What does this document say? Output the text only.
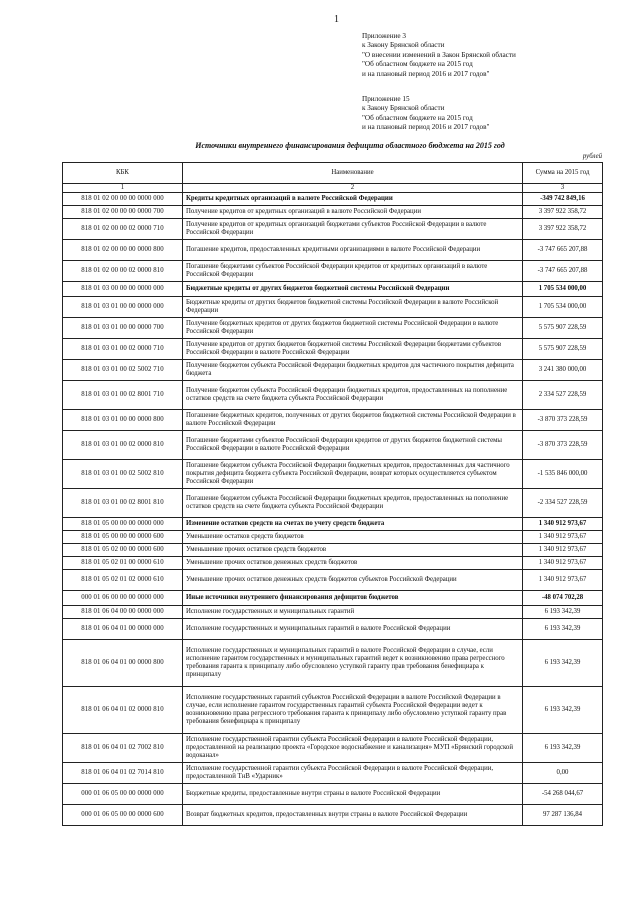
1
Приложение 3
к Закону Брянской области
"О внесении изменений в Закон Брянской области
"Об областном бюджете на 2015 год
и на плановый период 2016 и 2017 годов"
Приложение 15
к Закону Брянской области
"Об областном бюджете на 2015 год
и на плановый период 2016 и 2017 годов"
Источники внутреннего финансирования дефицита областного бюджета на 2015 год
рублей
КБК	Наименование	Сумма на 2015 год
1	2	3
818 01 02 00 00 00 0000 000	Кредиты кредитных организаций в валюте Российской Федерации	-349 742 849,16
818 01 02 00 00 00 0000 700	Получение кредитов от кредитных организаций в валюте Российской Федерации	3 397 922 358,72
818 01 02 00 00 02 0000 710	Получение кредитов от кредитных организаций бюджетами субъектов Российской Федерации в валюте Российской Федерации	3 397 922 358,72
818 01 02 00 00 00 0000 800	Погашение кредитов, предоставленных кредитными организациями в валюте Российской Федерации	-3 747 665 207,88
818 01 02 00 00 02 0000 810	Погашение бюджетами субъектов Российской Федерации кредитов от кредитных организаций в валюте Российской Федерации	-3 747 665 207,88
818 01 03 00 00 00 0000 000	Бюджетные кредиты от других бюджетов бюджетной системы Российской Федерации	1 705 534 000,00
818 01 03 01 00 00 0000 000	Бюджетные кредиты от других бюджетов бюджетной системы Российской Федерации в валюте Российской Федерации	1 705 534 000,00
818 01 03 01 00 00 0000 700	Получение бюджетных кредитов от других бюджетов бюджетной системы Российской Федерации в валюте Российской Федерации	5 575 907 228,59
818 01 03 01 00 02 0000 710	Получение кредитов от других бюджетов бюджетной системы Российской Федерации бюджетами субъектов Российской Федерации в валюте Российской Федерации	5 575 907 228,59
818 01 03 01 00 02 5002 710	Получение бюджетом субъекта Российской Федерации бюджетных кредитов для частичного покрытия дефицита бюджета	3 241 380 000,00
818 01 03 01 00 02 8001 710	Получение бюджетом субъекта Российской Федерации бюджетных кредитов, предоставленных на пополнение остатков средств на счете бюджета субъекта Российской Федерации	2 334 527 228,59
818 01 03 01 00 00 0000 800	Погашение бюджетных кредитов, полученных от других бюджетов бюджетной системы Российской Федерации в валюте Российской Федерации	-3 870 373 228,59
818 01 03 01 00 02 0000 810	Погашение бюджетами субъектов Российской Федерации кредитов от других бюджетов бюджетной системы Российской Федерации в валюте Российской Федерации	-3 870 373 228,59
818 01 03 01 00 02 5002 810	Погашение бюджетом субъекта Российской Федерации бюджетных кредитов, предоставленных для частичного покрытия дефицита бюджета субъекта Российской Федерации, возврат которых осуществляется субъектом Российской Федерации	-1 535 846 000,00
818 01 03 01 00 02 8001 810	Погашение бюджетом субъекта Российской Федерации бюджетных кредитов, предоставленных на пополнение остатков средств на счете бюджета субъекта Российской Федерации	-2 334 527 228,59
818 01 05 00 00 00 0000 000	Изменение остатков средств на счетах по учету средств бюджета	1 340 912 973,67
818 01 05 00 00 00 0000 600	Уменьшение остатков средств бюджетов	1 340 912 973,67
818 01 05 02 00 00 0000 600	Уменьшение прочих остатков средств бюджетов	1 340 912 973,67
818 01 05 02 01 00 0000 610	Уменьшение прочих остатков денежных средств бюджетов	1 340 912 973,67
818 01 05 02 01 02 0000 610	Уменьшение прочих остатков денежных средств бюджетов субъектов Российской Федерации	1 340 912 973,67
000 01 06 00 00 00 0000 000	Иные источники внутреннего финансирования дефицитов бюджетов	-48 074 702,28
818 01 06 04 00 00 0000 000	Исполнение государственных и муниципальных гарантий	6 193 342,39
818 01 06 04 01 00 0000 000	Исполнение государственных и муниципальных гарантий в валюте Российской Федерации	6 193 342,39
818 01 06 04 01 00 0000 800	Исполнение государственных и муниципальных гарантий в валюте Российской Федерации в случае, если исполнение гарантом государственных и муниципальных гарантий ведет к возникновению права регрессного требования гаранта к принципалу либо обусловлено уступкой гаранту прав требования бенефициара к принципалу	6 193 342,39
818 01 06 04 01 02 0000 810	Исполнение государственных гарантий субъектов Российской Федерации в валюте Российской Федерации в случае, если исполнение гарантом государственных гарантий субъекта Российской Федерации ведет к возникновению права регрессного требования гаранта к принципалу либо обусловлено уступкой гаранту прав требования бенефициара к принципалу	6 193 342,39
818 01 06 04 01 02 7002 810	Исполнение государственной гарантии субъекта Российской Федерации в валюте Российской Федерации, предоставленной на реализацию проекта «Городское водоснабжение и канализация» МУП «Брянский городской водоканал»	6 193 342,39
818 01 06 04 01 02 7014 810	Исполнение государственной гарантии субъекта Российской Федерации в валюте Российской Федерации, предоставленной ТнВ «Ударник»	0,00
000 01 06 05 00 00 0000 000	Бюджетные кредиты, предоставленные внутри страны в валюте Российской Федерации	-54 268 044,67
000 01 06 05 00 00 0000 600	Возврат бюджетных кредитов, предоставленных внутри страны в валюте Российской Федерации	97 287 136,84
